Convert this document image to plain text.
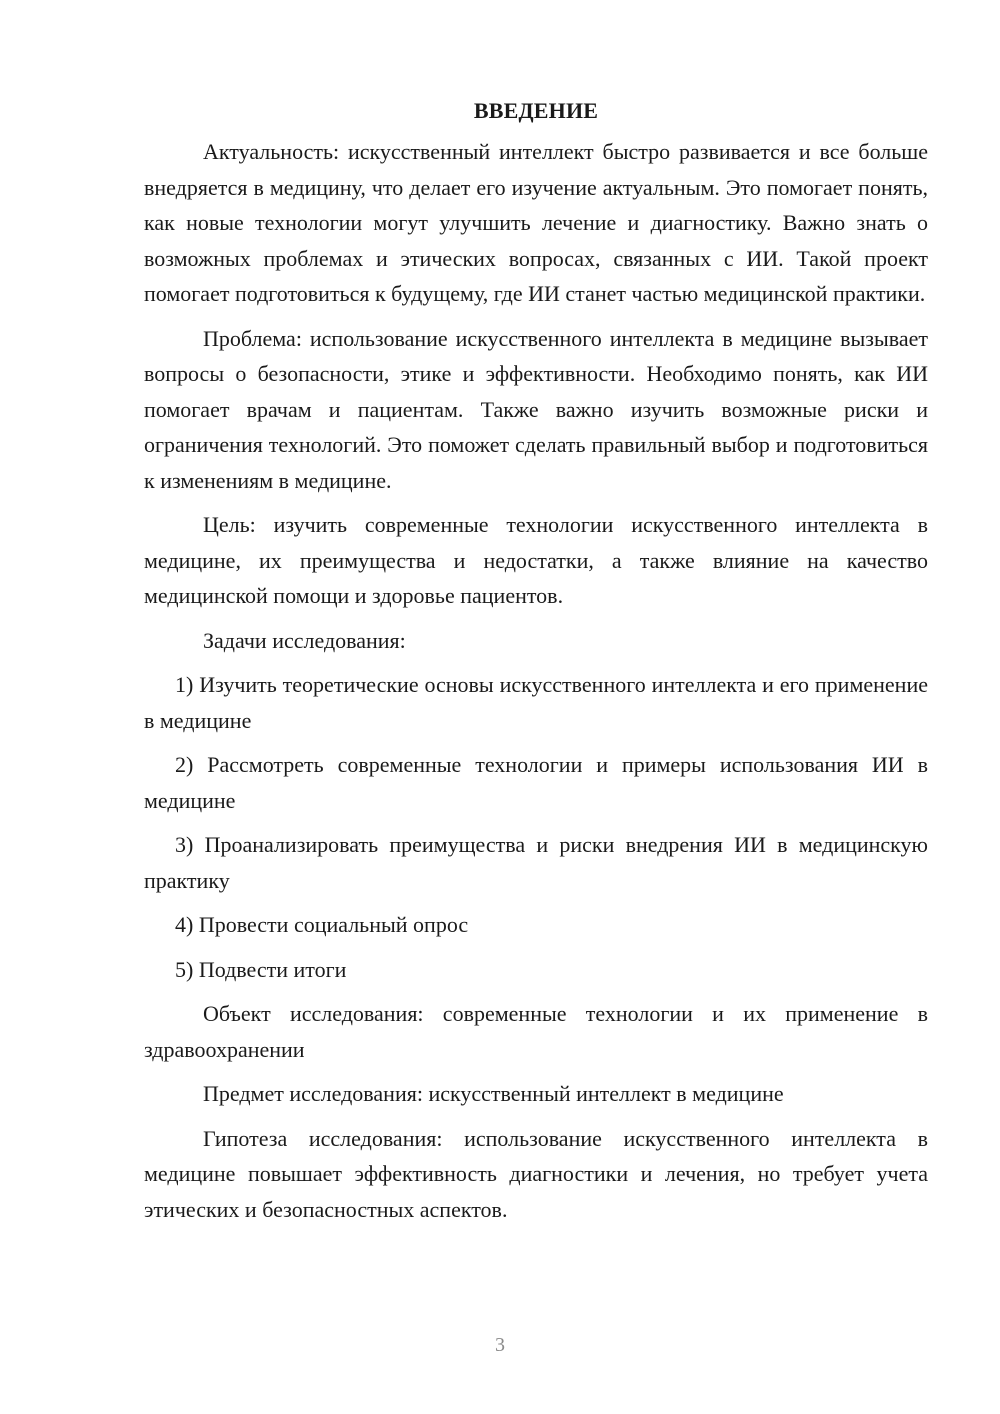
ВВЕДЕНИЕ

Актуальность: искусственный интеллект быстро развивается и все больше внедряется в медицину, что делает его изучение актуальным. Это помогает понять, как новые технологии могут улучшить лечение и диагностику. Важно знать о возможных проблемах и этических вопросах, связанных с ИИ. Такой проект помогает подготовиться к будущему, где ИИ станет частью медицинской практики.

Проблема: использование искусственного интеллекта в медицине вызывает вопросы о безопасности, этике и эффективности. Необходимо понять, как ИИ помогает врачам и пациентам. Также важно изучить возможные риски и ограничения технологий. Это поможет сделать правильный выбор и подготовиться к изменениям в медицине.

Цель: изучить современные технологии искусственного интеллекта в медицине, их преимущества и недостатки, а также влияние на качество медицинской помощи и здоровье пациентов.

Задачи исследования:

1) Изучить теоретические основы искусственного интеллекта и его применение в медицине

2) Рассмотреть современные технологии и примеры использования ИИ в медицине

3) Проанализировать преимущества и риски внедрения ИИ в медицинскую практику

4) Провести социальный опрос

5) Подвести итоги

Объект исследования: современные технологии и их применение в здравоохранении

Предмет исследования: искусственный интеллект в медицине

Гипотеза исследования: использование искусственного интеллекта в медицине повышает эффективность диагностики и лечения, но требует учета этических и безопасностных аспектов.

3
